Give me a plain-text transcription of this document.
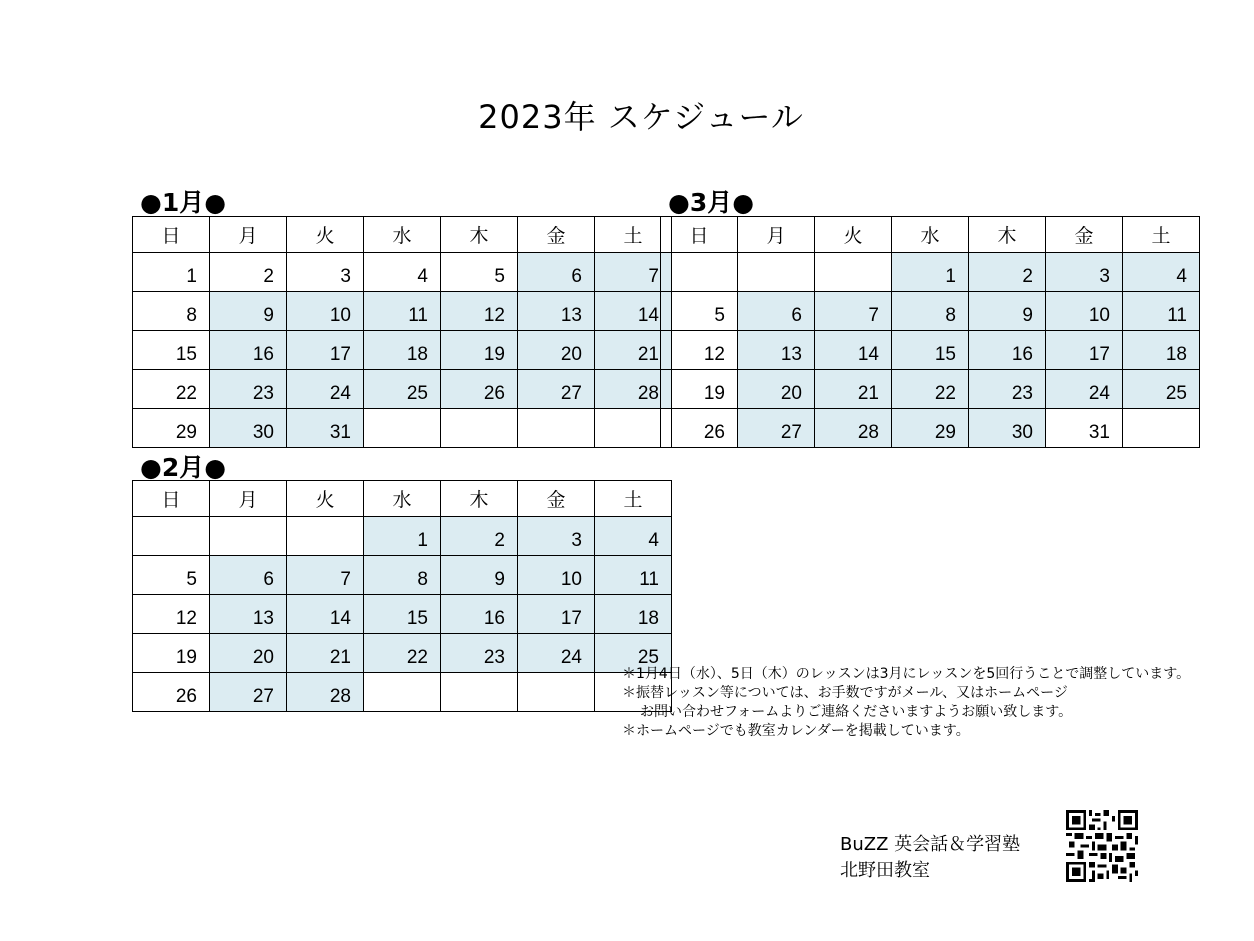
2023年 スケジュール
●1月●
日	月	火	水	木	金	土
1	2	3	4	5	6	7
8	9	10	11	12	13	14
15	16	17	18	19	20	21
22	23	24	25	26	27	28
29	30	31				
●2月●
日	月	火	水	木	金	土
			1	2	3	4
5	6	7	8	9	10	11
12	13	14	15	16	17	18
19	20	21	22	23	24	25
26	27	28				
●3月●
日	月	火	水	木	金	土
			1	2	3	4
5	6	7	8	9	10	11
12	13	14	15	16	17	18
19	20	21	22	23	24	25
26	27	28	29	30	31	
＊1月4日（水）、5日（木）のレッスンは3月にレッスンを5回行うことで調整しています。
＊振替レッスン等については、お手数ですがメール、又はホームページ
お問い合わせフォームよりご連絡くださいますようお願い致します。
＊ホームページでも教室カレンダーを掲載しています。
BuZZ 英会話＆学習塾
北野田教室
